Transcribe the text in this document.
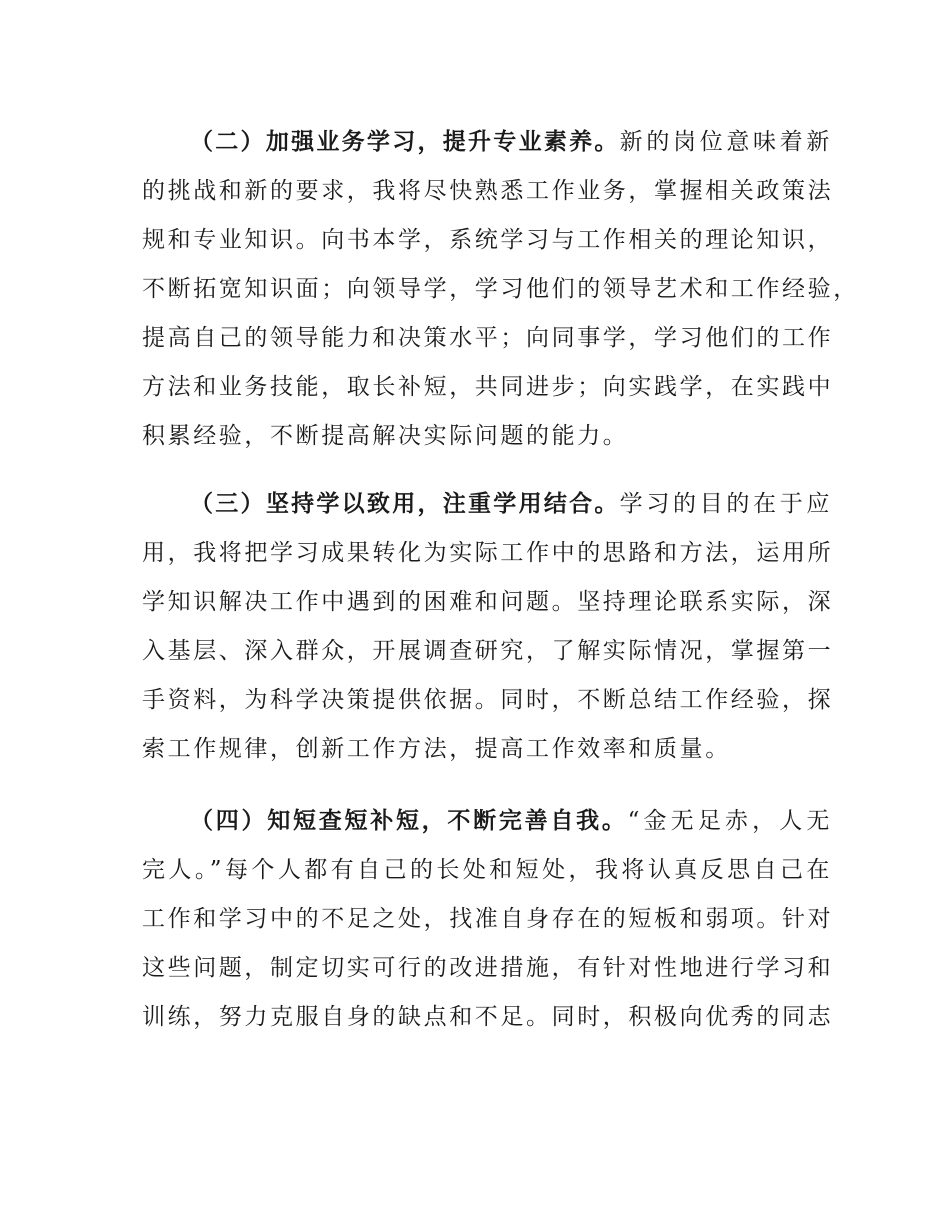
（二）加强业务学习，提升专业素养。新的岗位意味着新
的挑战和新的要求，我将尽快熟悉工作业务，掌握相关政策法
规和专业知识。向书本学，系统学习与工作相关的理论知识，
不断拓宽知识面；向领导学，学习他们的领导艺术和工作经验，
提高自己的领导能力和决策水平；向同事学，学习他们的工作
方法和业务技能，取长补短，共同进步；向实践学，在实践中
积累经验，不断提高解决实际问题的能力。
（三）坚持学以致用，注重学用结合。学习的目的在于应
用，我将把学习成果转化为实际工作中的思路和方法，运用所
学知识解决工作中遇到的困难和问题。坚持理论联系实际，深
入基层、深入群众，开展调查研究，了解实际情况，掌握第一
手资料，为科学决策提供依据。同时，不断总结工作经验，探
索工作规律，创新工作方法，提高工作效率和质量。
（四）知短查短补短，不断完善自我。“金无足赤，人无
完人。”每个人都有自己的长处和短处，我将认真反思自己在
工作和学习中的不足之处，找准自身存在的短板和弱项。针对
这些问题，制定切实可行的改进措施，有针对性地进行学习和
训练，努力克服自身的缺点和不足。同时，积极向优秀的同志
